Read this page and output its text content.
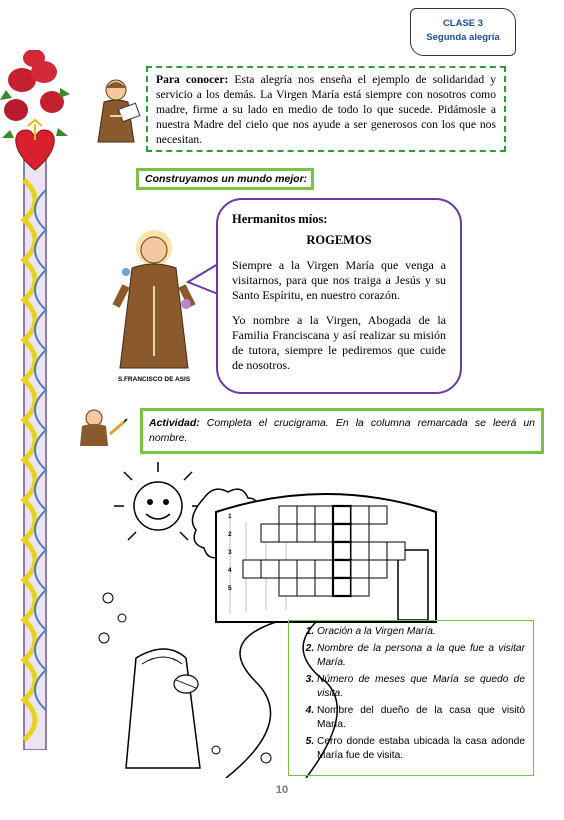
CLASE 3
Segunda alegría
Para conocer: Esta alegría nos enseña el ejemplo de solidaridad y servicio a los demás. La Virgen María está siempre con nosotros como madre, firme a su lado en medio de todo lo que sucede. Pidámosle a nuestra Madre del cielo que nos ayude a ser generosos con los que nos necesitan.
Construyamos un mundo mejor:
S.FRANCISCO DE ASIS
Hermanitos míos:
ROGEMOS

Siempre a la Virgen María que venga a visitarnos, para que nos traiga a Jesús y su Santo Espíritu, en nuestro corazón.

Yo nombre a la Virgen, Abogada de la Familia Franciscana y así realizar su misión de tutora, siempre le pediremos que cuide de nosotros.

Actividad: Completa el crucigrama. En la columna remarcada se leerá un nombre.
1
2
3
4
5
1. Oración a la Virgen María.
2. Nombre de la persona a la que fue a visitar María.
3. Número de meses que María se quedo de visita.
4. Nombre del dueño de la casa que visitó María.
5. Cerro donde estaba ubicada la casa adonde María fue de visita.
10
